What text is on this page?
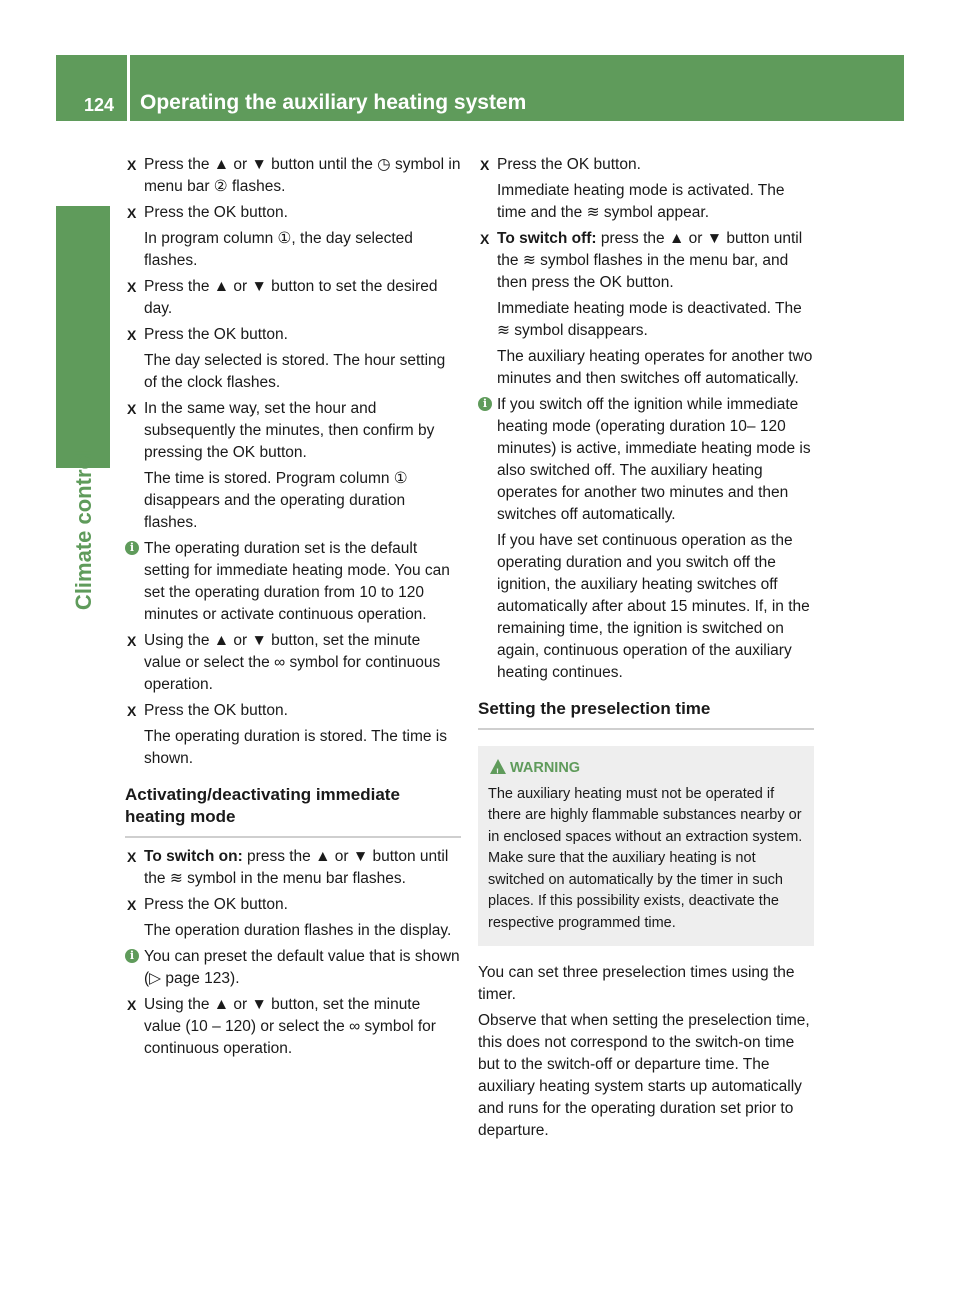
124 Operating the auxiliary heating system
Climate control
X Press the ▲ or ▼ button until the ◷ symbol in menu bar ② flashes.
X Press the OK button.
In program column ①, the day selected flashes.
X Press the ▲ or ▼ button to set the desired day.
X Press the OK button.
The day selected is stored. The hour setting of the clock flashes.
X In the same way, set the hour and subsequently the minutes, then confirm by pressing the OK button.
The time is stored. Program column ① disappears and the operating duration flashes.
i The operating duration set is the default setting for immediate heating mode. You can set the operating duration from 10 to 120 minutes or activate continuous operation.
X Using the ▲ or ▼ button, set the minute value or select the ∞ symbol for continuous operation.
X Press the OK button.
The operating duration is stored. The time is shown.
Activating/deactivating immediate heating mode
X To switch on: press the ▲ or ▼ button until the ≋ symbol in the menu bar flashes.
X Press the OK button.
The operation duration flashes in the display.
i You can preset the default value that is shown (▷ page 123).
X Using the ▲ or ▼ button, set the minute value (10 – 120) or select the ∞ symbol for continuous operation.
X Press the OK button.
Immediate heating mode is activated. The time and the ≋ symbol appear.
X To switch off: press the ▲ or ▼ button until the ≋ symbol flashes in the menu bar, and then press the OK button.
Immediate heating mode is deactivated. The ≋ symbol disappears.
The auxiliary heating operates for another two minutes and then switches off automatically.
i If you switch off the ignition while immediate heating mode (operating duration 10– 120 minutes) is active, immediate heating mode is also switched off. The auxiliary heating operates for another two minutes and then switches off automatically.
If you have set continuous operation as the operating duration and you switch off the ignition, the auxiliary heating switches off automatically after about 15 minutes. If, in the remaining time, the ignition is switched on again, continuous operation of the auxiliary heating continues.
Setting the preselection time
!
WARNING
The auxiliary heating must not be operated if there are highly flammable substances nearby or in enclosed spaces without an extraction system. Make sure that the auxiliary heating is not switched on automatically by the timer in such places. If this possibility exists, deactivate the respective programmed time.

You can set three preselection times using the timer.

Observe that when setting the preselection time, this does not correspond to the switch-on time but to the switch-off or departure time. The auxiliary heating system starts up automatically and runs for the operating duration set prior to departure.
